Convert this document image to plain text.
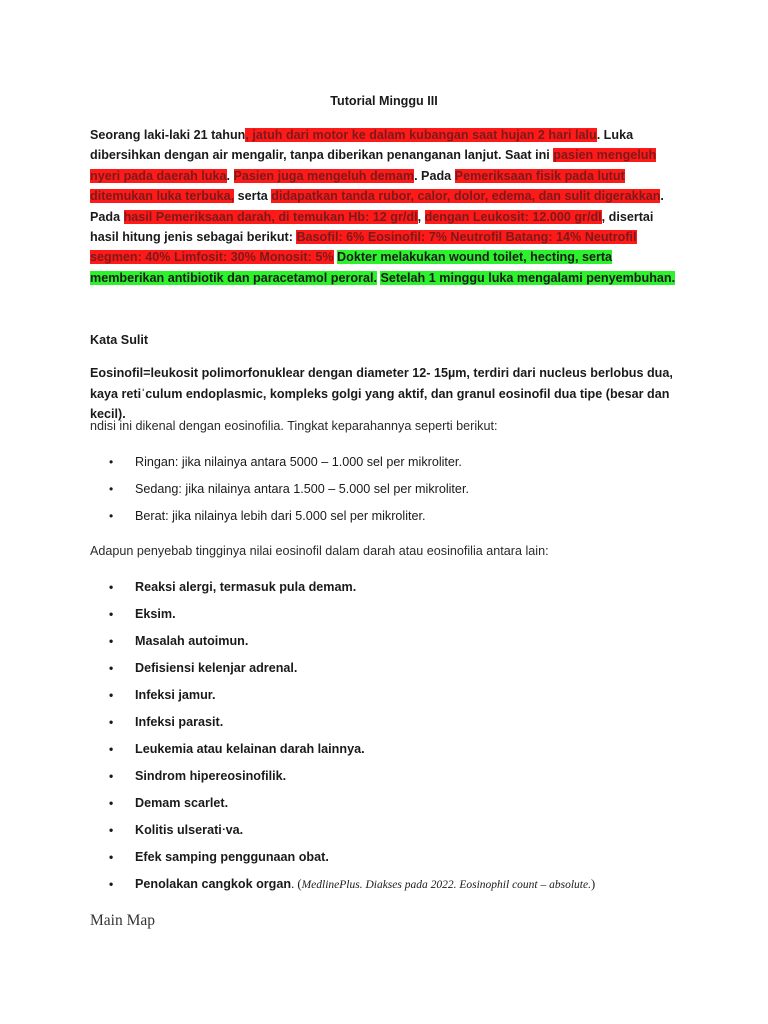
Tutorial Minggu III
Seorang laki-laki 21 tahun, jatuh dari motor ke dalam kubangan saat hujan 2 hari lalu. Luka dibersihkan dengan air mengalir, tanpa diberikan penanganan lanjut. Saat ini pasien mengeluh nyeri pada daerah luka. Pasien juga mengeluh demam. Pada Pemeriksaan fisik pada lutut ditemukan luka terbuka, serta didapatkan tanda rubor, calor, dolor, edema, dan sulit digerakkan. Pada hasil Pemeriksaan darah, di temukan Hb: 12 gr/dl, dengan Leukosit: 12.000 gr/dl, disertai hasil hitung jenis sebagai berikut: Basofil: 6% Eosinofil: 7% Neutrofil Batang: 14% Neutrofil segmen: 40% Limfosit: 30% Monosit: 5% Dokter melakukan wound toilet, hecting, serta memberikan antibiotik dan paracetamol peroral. Setelah 1 minggu luka mengalami penyembuhan.
Kata Sulit
Eosinofil=leukosit polimorfonuklear dengan diameter 12- 15µm, terdiri dari nucleus berlobus dua, kaya retiˈculum endoplasmic, kompleks golgi yang aktif, dan granul eosinofil dua tipe (besar dan kecil).
ndisi ini dikenal dengan eosinofilia. Tingkat keparahannya seperti berikut:
• Ringan: jika nilainya antara 5000 – 1.000 sel per mikroliter.
• Sedang: jika nilainya antara 1.500 – 5.000 sel per mikroliter.
• Berat: jika nilainya lebih dari 5.000 sel per mikroliter.
Adapun penyebab tingginya nilai eosinofil dalam darah atau eosinofilia antara lain:
• Reaksi alergi, termasuk pula demam.
• Eksim.
• Masalah autoimun.
• Defisiensi kelenjar adrenal.
• Infeksi jamur.
• Infeksi parasit.
• Leukemia atau kelainan darah lainnya.
• Sindrom hipereosinofilik.
• Demam scarlet.
• Kolitis ulseratiᐧva.
• Efek samping penggunaan obat.
• Penolakan cangkok organ. (MedlinePlus. Diakses pada 2022. Eosinophil count – absolute.)
Main Map
